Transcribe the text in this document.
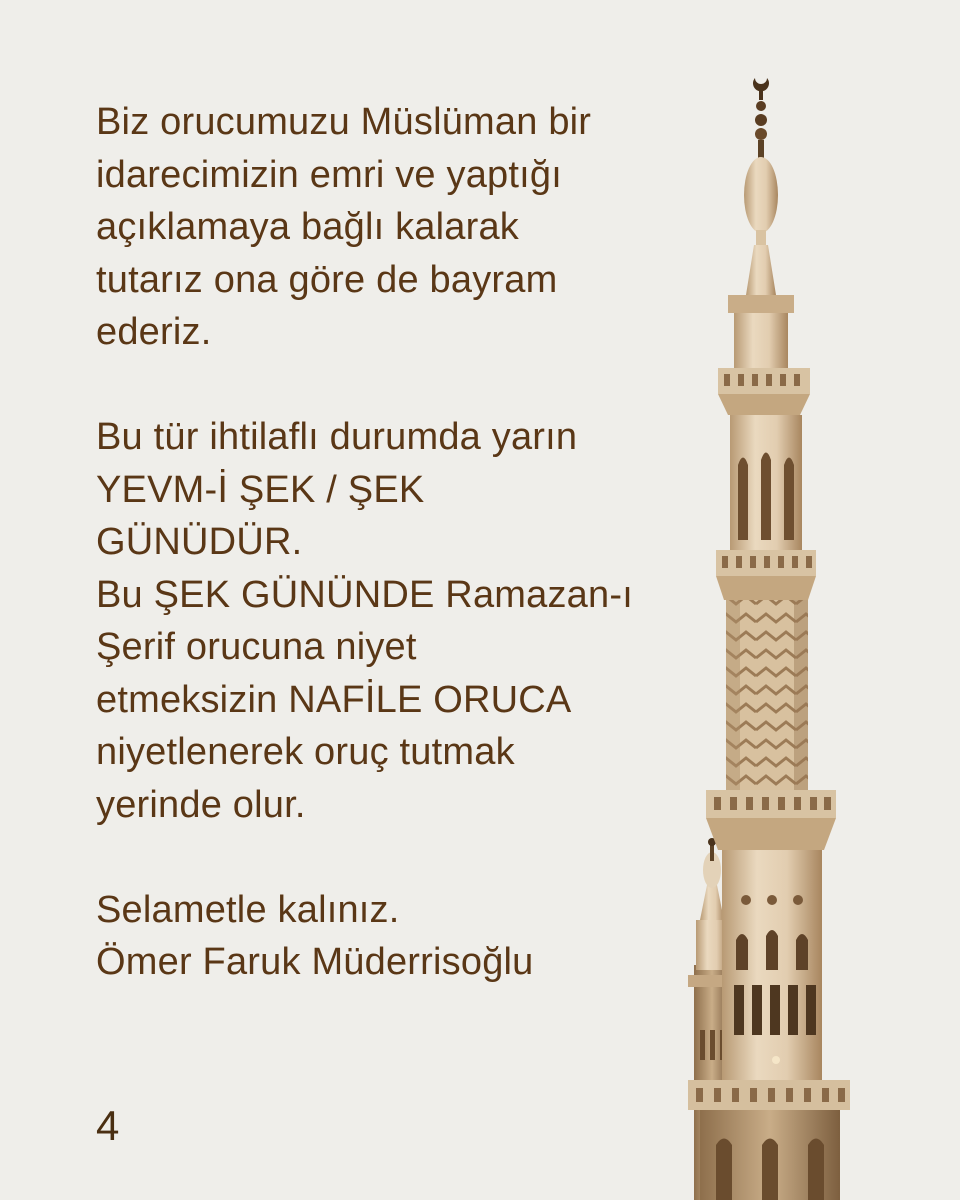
Biz orucumuzu Müslüman bir
idarecimizin emri ve yaptığı
açıklamaya bağlı kalarak
tutarız ona göre de bayram
ederiz.

Bu tür ihtilaflı durumda yarın
YEVM-İ ŞEK / ŞEK
GÜNÜDÜR.
Bu ŞEK GÜNÜNDE Ramazan-ı
Şerif orucuna niyet
etmeksizin NAFİLE ORUCA
niyetlenerek oruç tutmak
yerinde olur.

Selametle kalınız.
Ömer Faruk Müderrisoğlu

4
